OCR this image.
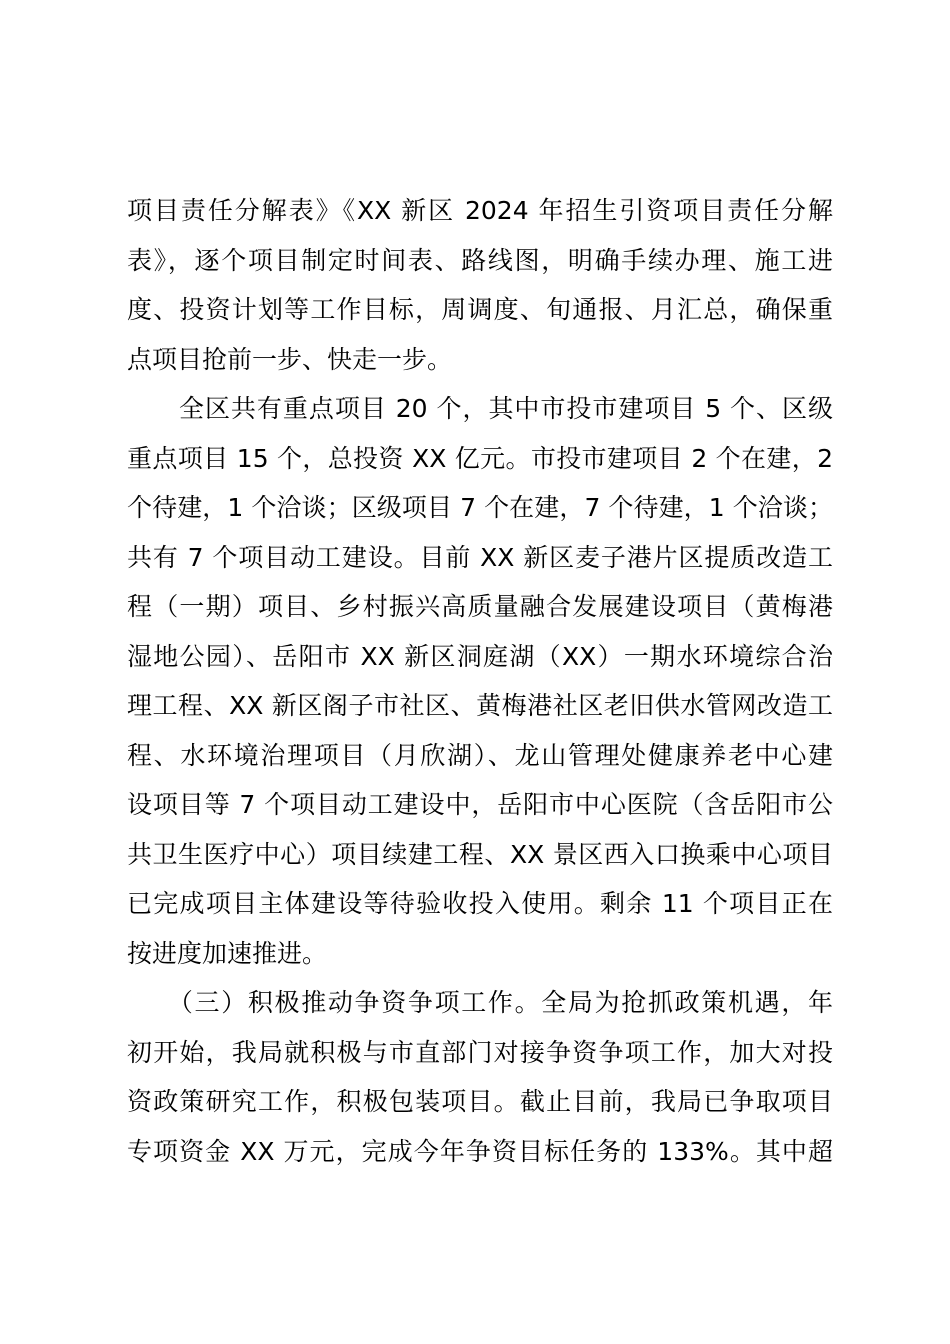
项目责任分解表》《XX 新区 2024 年招生引资项目责任分解
表》，逐个项目制定时间表、路线图，明确手续办理、施工进
度、投资计划等工作目标，周调度、旬通报、月汇总，确保重
点项目抢前一步、快走一步。
　　全区共有重点项目 20 个，其中市投市建项目 5 个、区级
重点项目 15 个，总投资 XX 亿元。市投市建项目 2 个在建，2
个待建，1 个洽谈；区级项目 7 个在建，7 个待建，1 个洽谈；
共有 7 个项目动工建设。目前 XX 新区麦子港片区提质改造工
程（一期）项目、乡村振兴高质量融合发展建设项目（黄梅港
湿地公园）、岳阳市 XX 新区洞庭湖（XX）一期水环境综合治
理工程、XX 新区阁子市社区、黄梅港社区老旧供水管网改造工
程、水环境治理项目（月欣湖）、龙山管理处健康养老中心建
设项目等 7 个项目动工建设中，岳阳市中心医院（含岳阳市公
共卫生医疗中心）项目续建工程、XX 景区西入口换乘中心项目
已完成项目主体建设等待验收投入使用。剩余 11 个项目正在
按进度加速推进。
　　（三）积极推动争资争项工作。全局为抢抓政策机遇，年
初开始，我局就积极与市直部门对接争资争项工作，加大对投
资政策研究工作，积极包装项目。截止目前，我局已争取项目
专项资金 XX 万元，完成今年争资目标任务的 133%。其中超
